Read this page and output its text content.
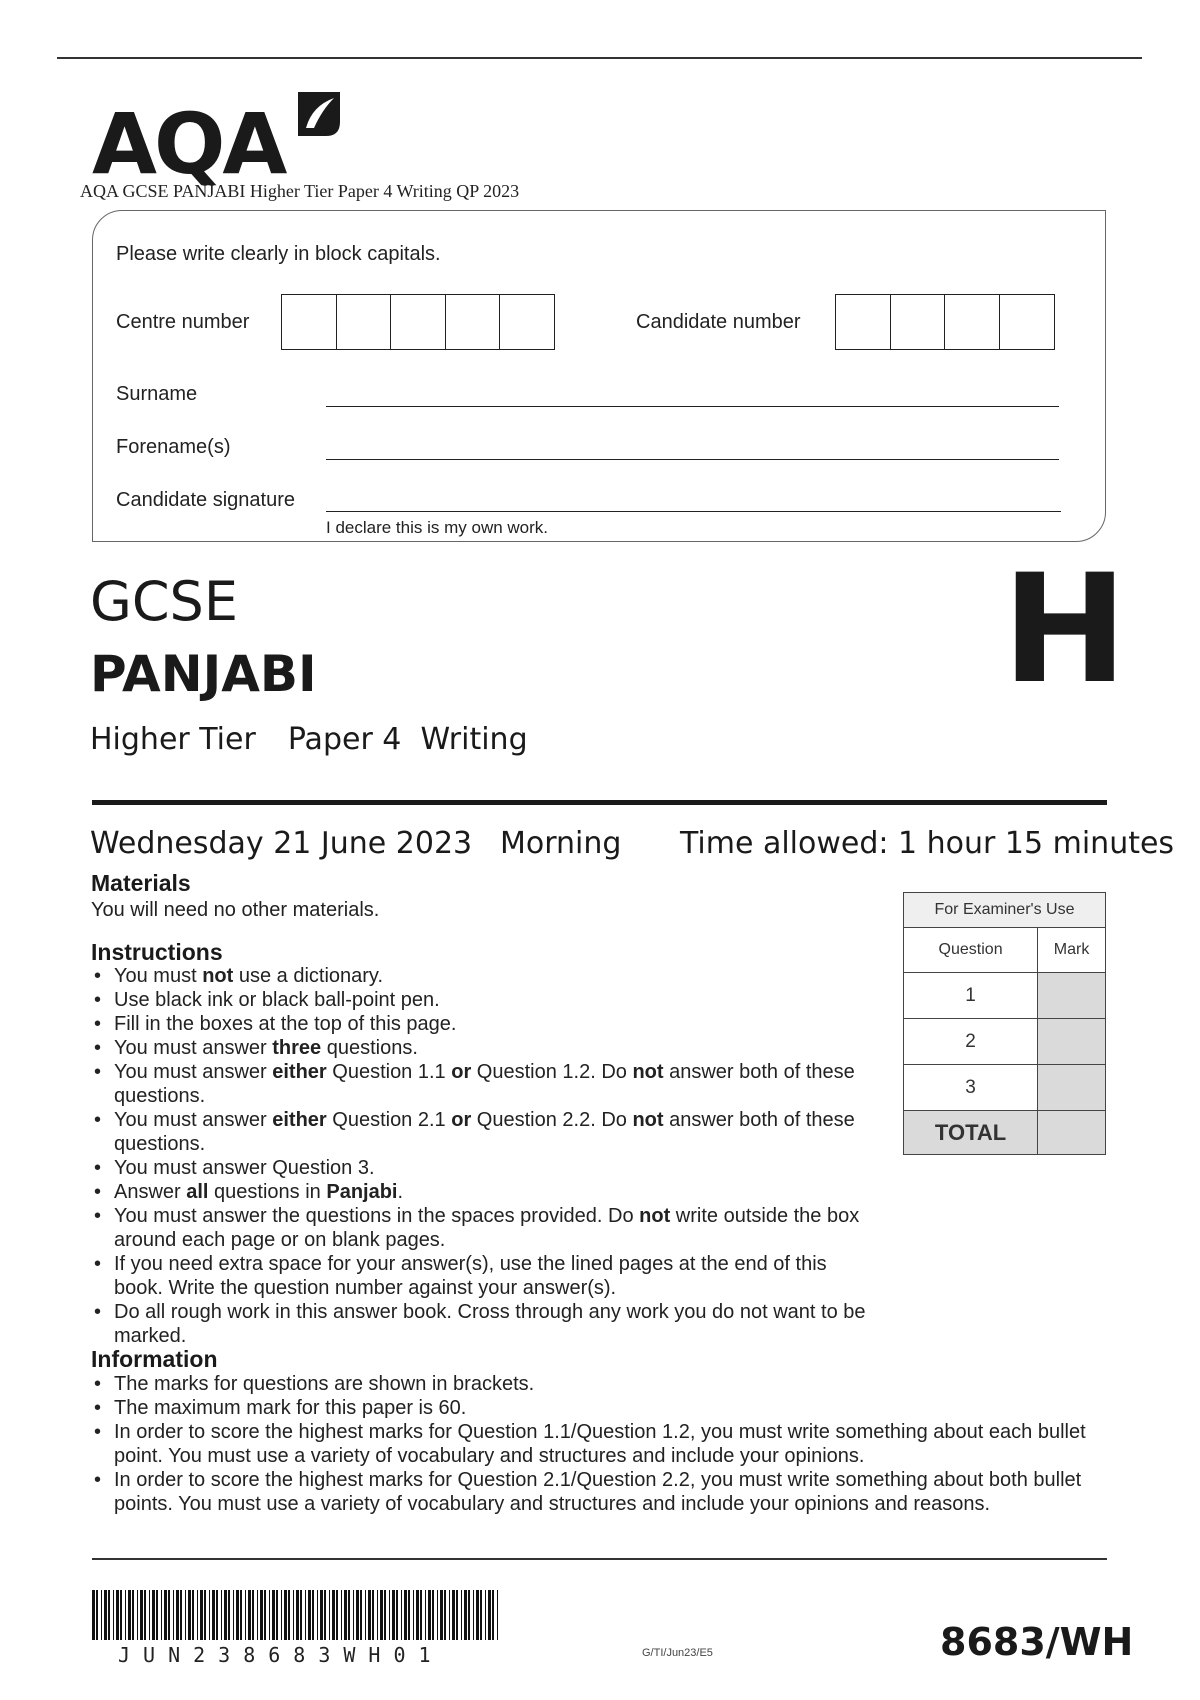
AQA
AQA GCSE PANJABI Higher Tier Paper 4 Writing QP 2023
Please write clearly in block capitals.
Centre number	Candidate number
Surname
Forename(s)
Candidate signature
I declare this is my own work.
GCSE
PANJABI
Higher Tier Paper 4  Writing
H
Wednesday 21 June 2023 Morning Time allowed: 1 hour 15 minutes
Materials
You will need no other materials.
Instructions
• You must not use a dictionary.
• Use black ink or black ball-point pen.
• Fill in the boxes at the top of this page.
• You must answer three questions.
• You must answer either Question 1.1 or Question 1.2. Do not answer both of these questions.
• You must answer either Question 2.1 or Question 2.2. Do not answer both of these questions.
• You must answer Question 3.
• Answer all questions in Panjabi.
• You must answer the questions in the spaces provided. Do not write outside the box around each page or on blank pages.
• If you need extra space for your answer(s), use the lined pages at the end of this book. Write the question number against your answer(s).
• Do all rough work in this answer book. Cross through any work you do not want to be marked.
For Examiner's Use	
Question	Mark
1	
2	
3	
TOTAL	
Information
• The marks for questions are shown in brackets.
• The maximum mark for this paper is 60.
• In order to score the highest marks for Question 1.1/Question 1.2, you must write something about each bullet point. You must use a variety of vocabulary and structures and include your opinions.
• In order to score the highest marks for Question 2.1/Question 2.2, you must write something about both bullet points. You must use a variety of vocabulary and structures and include your opinions and reasons.
JUN238683WH01	G/TI/Jun23/E5	8683/WH
